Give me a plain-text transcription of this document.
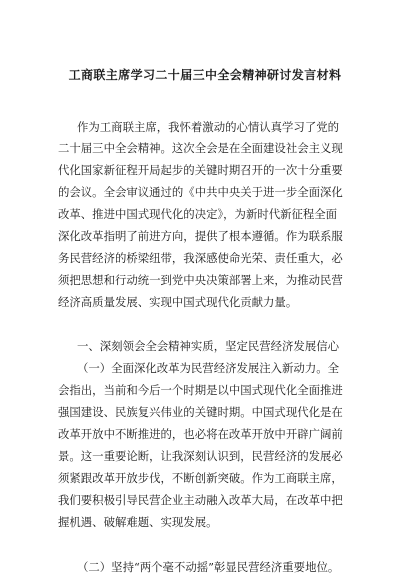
工商联主席学习二十届三中全会精神研讨发言材料
作为工商联主席，我怀着激动的心情认真学习了党的
二十届三中全会精神。这次全会是在全面建设社会主义现
代化国家新征程开局起步的关键时期召开的一次十分重要
的会议。全会审议通过的《中共中央关于进一步全面深化
改革、推进中国式现代化的决定》，为新时代新征程全面
深化改革指明了前进方向，提供了根本遵循。作为联系服
务民营经济的桥梁纽带，我深感使命光荣、责任重大，必
须把思想和行动统一到党中央决策部署上来，为推动民营
经济高质量发展、实现中国式现代化贡献力量。
一、深刻领会全会精神实质，坚定民营经济发展信心
（一）全面深化改革为民营经济发展注入新动力。全
会指出，当前和今后一个时期是以中国式现代化全面推进
强国建设、民族复兴伟业的关键时期。中国式现代化是在
改革开放中不断推进的，也必将在改革开放中开辟广阔前
景。这一重要论断，让我深刻认识到，民营经济的发展必
须紧跟改革开放步伐，不断创新突破。作为工商联主席，
我们要积极引导民营企业主动融入改革大局，在改革中把
握机遇、破解难题、实现发展。
（二）坚持“两个毫不动摇”彰显民营经济重要地位。
